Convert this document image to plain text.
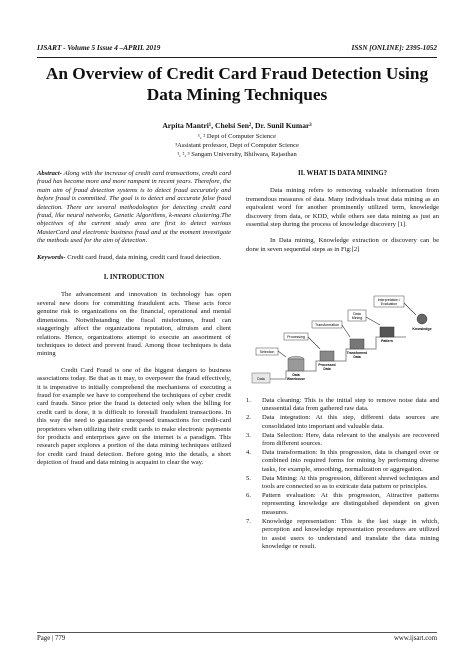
IJSART - Volume 5 Issue 4 –APRIL 2019	ISSN [ONLINE]: 2395-1052
An Overview of Credit Card Fraud Detection Using
Data Mining Techniques
Arpita Mantri¹, Chelsi Sen², Dr. Sunil Kumar³
¹, ² Dept of Computer Science
³Assistant professor, Dept of Computer Science
¹, ², ³ Sangam University, Bhilwara, Rajasthan

Abstract- Along with the increase of credit card transactions, credit card fraud has become more and more rampant in recent years. Therefore, the main aim of fraud detection systems is to detect fraud accurately and before fraud is committed. The goal is to detect and accurate false fraud detection. There are several methodologies for detecting credit card fraud, like neural networks, Genetic Algorithms, k-means clustering.The objectives of the current study area are first to detect various MasterCard and electronic business fraud and at the moment investigate the methods used for the aim of detection.

Keywords- Credit card fraud, data mining, credit card fraud detection.

I. INTRODUCTION

The advancement and innovation in technology has open several new doors for committing fraudulent acts. These acts force genuine risk to organizations on the financial, operational and mental dimensions. Notwithstanding the fiscal misfortunes, fraud can staggeringly affect the organizations reputation, altruism and client relations. Hence, organizations attempt to execute an assortment of techniques to detect and prevent fraud. Among those techniques is data mining

Credit Card Fraud is one of the biggest dangers to business associations today. Be that as it may, to overpower the fraud effectively, it is imperative to initially comprehend the mechanisms of executing a fraud for example we have to comprehend the techniques of cyber credit card frauds. Since prior the fraud is detected only when the billing for credit card is done, it is difficult to forestall fraudulent transactions. In this way the need to guarantee unexposed transactions for credit-card proprietors when utilizing their credit cards to make electronic payments for products and enterprises gave on the internet is a paradigm. This research paper explores a portion of the data mining techniques utilized for credit card fraud detection. Before going into the details, a short depiction of fraud and data mining is acquaint to clear the way.

II. WHAT IS DATA MINING?

Data mining refers to removing valuable information from tremendous measures of data. Many individuals treat data mining as an equivalent word for another prominently utilized term, knowledge discovery from data, or KDD, while others see data mining as just an essential step during the process of knowledge discovery [1].

In Data mining, Knowledge extraction or discovery can be done in seven sequential steps as in Fig:[2]

Data
Selection
Data
Warehouse
Processing
Processed
Data
Transformation
Transformed
Data
Data
Mining
Pattern
Interpretation /
Evaluation
Knowledge
1. Data cleaning: This is the initial step to remove noise data and unessential data from gathered raw data.
2. Data integration: At this step, different data sources are consolidated into important and valuable data.
3. Data Selection: Here, data relevant to the analysis are recovered from different sources.
4. Data transformation: In this progression, data is changed over or combined into required forms for mining by performing diverse tasks, for example, smoothing, normalization or aggregation.
5. Data Mining: At this progression, different shrewd techniques and tools are connected so as to extricate data pattern or principles.
6. Pattern evaluation: At this progression, Attractive patterns representing knowledge are distinguished dependent on given measures.
7. Knowledge representation: This is the last stage in which, perception and knowledge representation procedures are utilized to assist users to understand and translate the data mining knowledge or result.
Page | 779	www.ijsart.com
